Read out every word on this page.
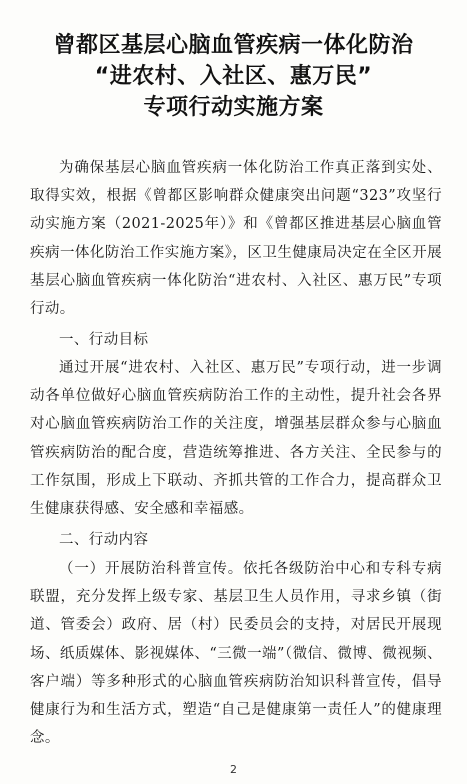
曾都区基层心脑血管疾病一体化防治
“进农村、入社区、惠万民”
专项行动实施方案

为确保基层心脑血管疾病一体化防治工作真正落到实处、取得实效，根据《曾都区影响群众健康突出问题“323”攻坚行动实施方案（2021-2025年）》和《曾都区推进基层心脑血管疾病一体化防治工作实施方案》，区卫生健康局决定在全区开展基层心脑血管疾病一体化防治“进农村、入社区、惠万民”专项行动。

一、行动目标

通过开展“进农村、入社区、惠万民”专项行动，进一步调动各单位做好心脑血管疾病防治工作的主动性，提升社会各界对心脑血管疾病防治工作的关注度，增强基层群众参与心脑血管疾病防治的配合度，营造统筹推进、各方关注、全民参与的工作氛围，形成上下联动、齐抓共管的工作合力，提高群众卫生健康获得感、安全感和幸福感。

二、行动内容

（一）开展防治科普宣传。依托各级防治中心和专科专病联盟，充分发挥上级专家、基层卫生人员作用，寻求乡镇（街道、管委会）政府、居（村）民委员会的支持，对居民开展现场、纸质媒体、影视媒体、“三微一端”（微信、微博、微视频、客户端）等多种形式的心脑血管疾病防治知识科普宣传，倡导健康行为和生活方式，塑造“自己是健康第一责任人”的健康理念。

2
